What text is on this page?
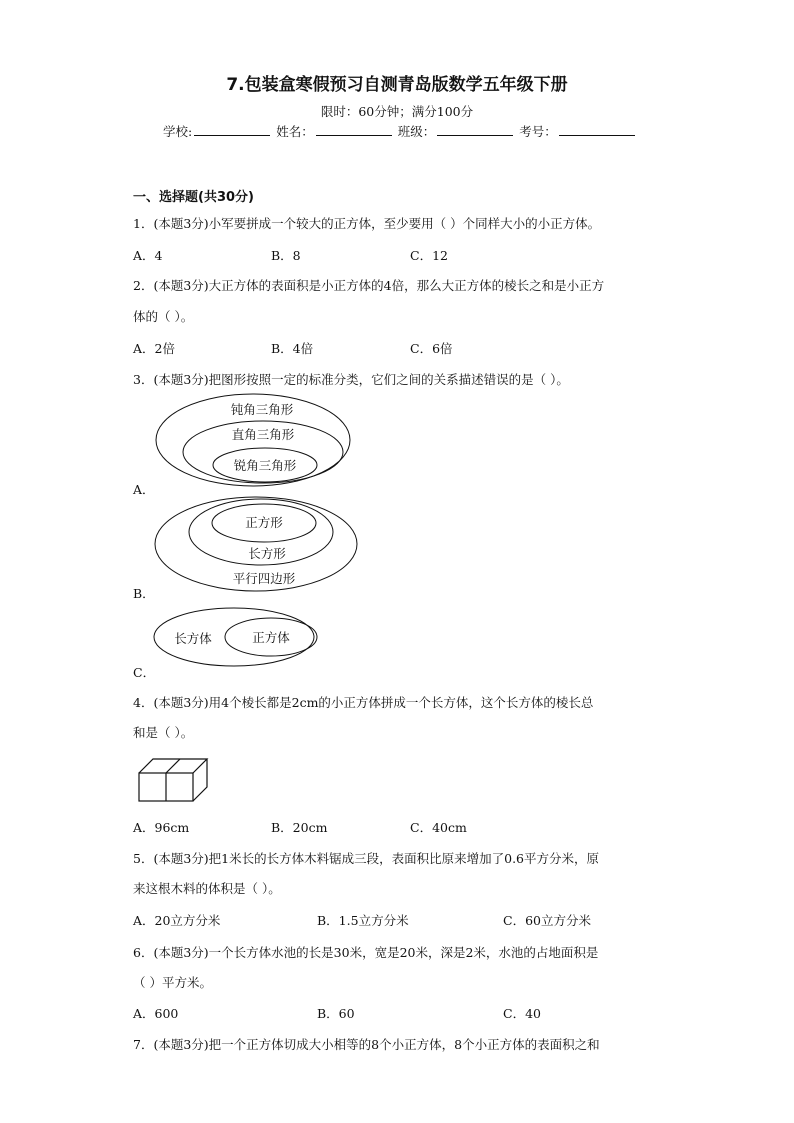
7.包装盒寒假预习自测青岛版数学五年级下册
限时：60分钟；满分100分
学校:	姓名：	班级：	考号：
一、选择题(共30分)
1．(本题3分)小军要拼成一个较大的正方体，至少要用（ ）个同样大小的小正方体。
A．4	B．8	C．12
2．(本题3分)大正方体的表面积是小正方体的4倍，那么大正方体的棱长之和是小正方
体的（ ）。
A．2倍	B．4倍	C．6倍
3．(本题3分)把图形按照一定的标准分类，它们之间的关系描述错误的是（ ）。
钝角三角形
直角三角形
锐角三角形
A．
正方形
长方形
平行四边形
B．
长方体	正方体
C．
4．(本题3分)用4个棱长都是2cm的小正方体拼成一个长方体，这个长方体的棱长总
和是（ ）。
A．96cm	B．20cm	C．40cm
5．(本题3分)把1米长的长方体木料锯成三段，表面积比原来增加了0.6平方分米，原
来这根木料的体积是（ ）。
A．20立方分米	B．1.5立方分米	C．60立方分米
6．(本题3分)一个长方体水池的长是30米，宽是20米，深是2米，水池的占地面积是
（ ）平方米。
A．600	B．60	C．40
7．(本题3分)把一个正方体切成大小相等的8个小正方体，8个小正方体的表面积之和
